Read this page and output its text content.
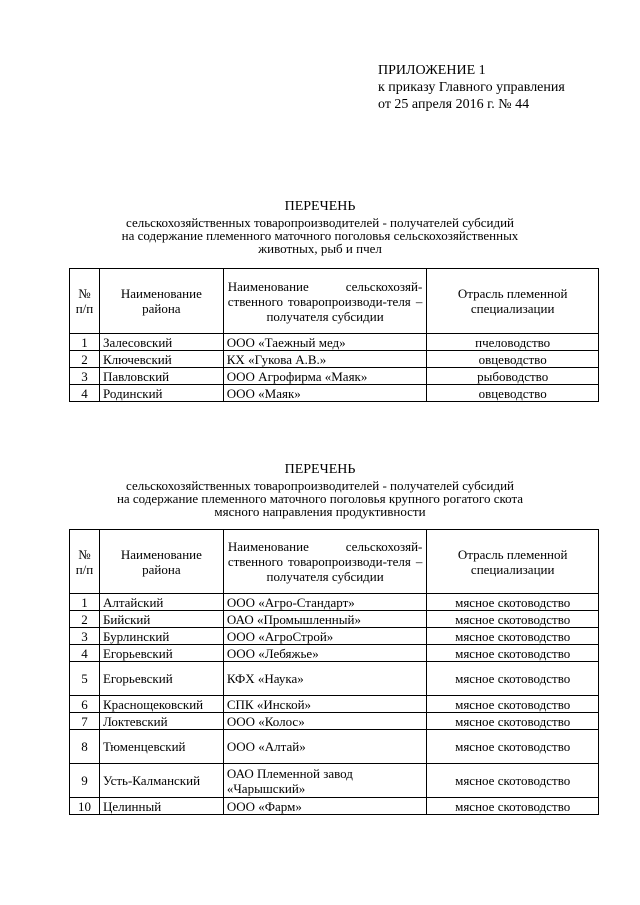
ПРИЛОЖЕНИЕ 1
к приказу Главного управления
от 25 апреля 2016 г. № 44
ПЕРЕЧЕНЬ
сельскохозяйственных товаропроизводителей - получателей субсидий
на содержание племенного маточного поголовья сельскохозяйственных
животных, рыб и пчел
№ п/п	Наименование района	Наименование сельскохозяй-ственного товаропроизводи-теля – получателя субсидии	Отрасль племенной специализации
1	Залесовский	ООО «Таежный мед»	пчеловодство
2	Ключевский	КХ «Гукова А.В.»	овцеводство
3	Павловский	ООО Агрофирма «Маяк»	рыбоводство
4	Родинский	ООО «Маяк»	овцеводство
ПЕРЕЧЕНЬ
сельскохозяйственных товаропроизводителей - получателей субсидий
на содержание племенного маточного поголовья крупного рогатого скота
мясного направления продуктивности
№ п/п	Наименование района	Наименование сельскохозяй-ственного товаропроизводи-теля – получателя субсидии	Отрасль племенной специализации
1	Алтайский	ООО «Агро-Стандарт»	мясное скотоводство
2	Бийский	ОАО «Промышленный»	мясное скотоводство
3	Бурлинский	ООО «АгроСтрой»	мясное скотоводство
4	Егорьевский	ООО «Лебяжье»	мясное скотоводство
5	Егорьевский	КФХ «Наука»	мясное скотоводство
6	Краснощековский	СПК «Инской»	мясное скотоводство
7	Локтевский	ООО «Колос»	мясное скотоводство
8	Тюменцевский	ООО «Алтай»	мясное скотоводство
9	Усть-Калманский	ОАО Племенной завод «Чарышский»	мясное скотоводство
10	Целинный	ООО «Фарм»	мясное скотоводство
